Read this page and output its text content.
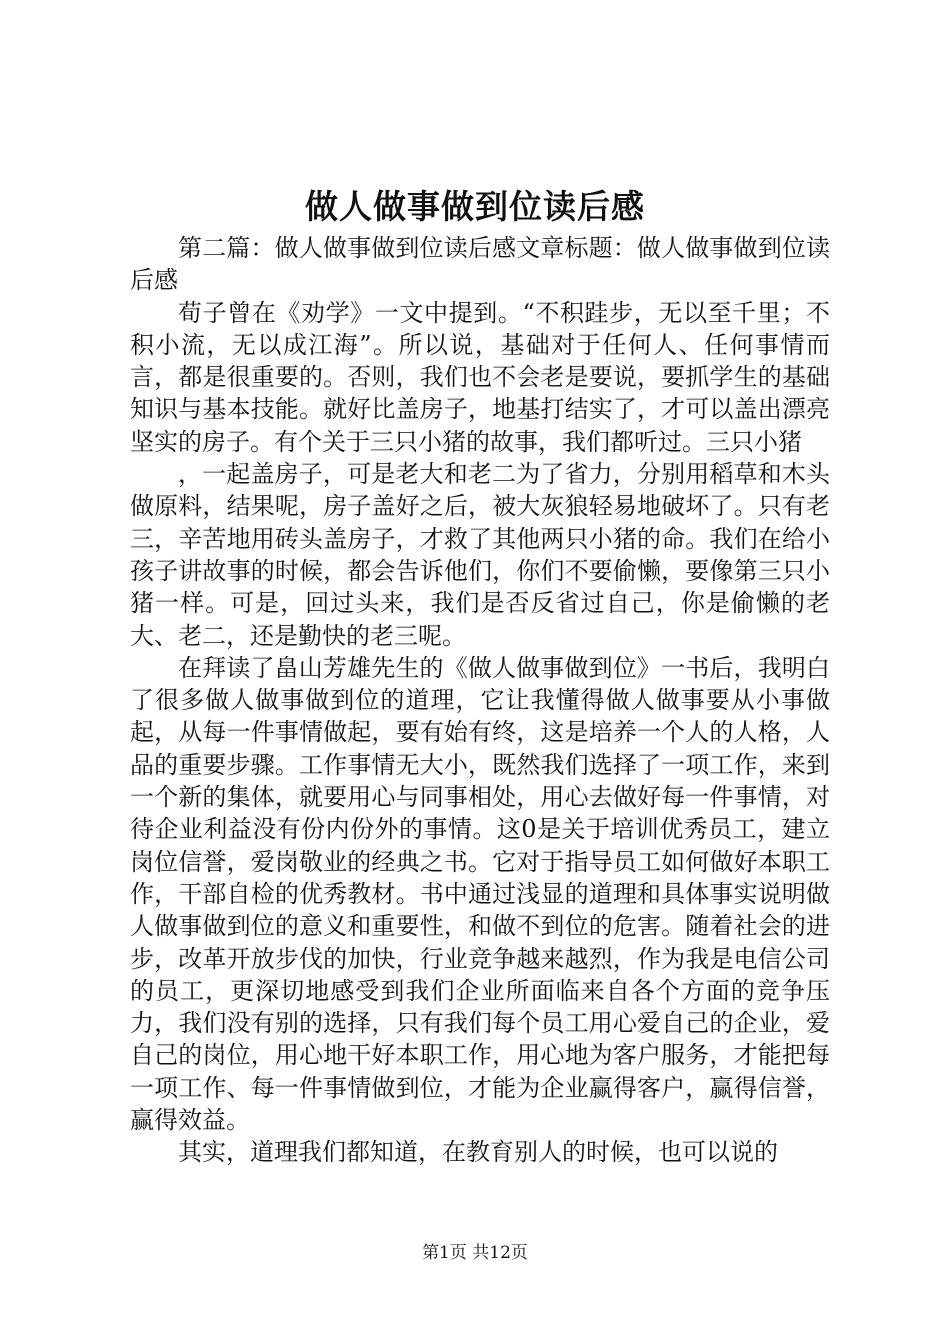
做人做事做到位读后感

第二篇：做人做事做到位读后感文章标题：做人做事做到位读后感

荀子曾在《劝学》一文中提到。“不积跬步，无以至千里；不积小流，无以成江海”。所以说，基础对于任何人、任何事情而言，都是很重要的。否则，我们也不会老是要说，要抓学生的基础知识与基本技能。就好比盖房子，地基打结实了，才可以盖出漂亮坚实的房子。有个关于三只小猪的故事，我们都听过。三只小猪

，一起盖房子，可是老大和老二为了省力，分别用稻草和木头做原料，结果呢，房子盖好之后，被大灰狼轻易地破坏了。只有老三，辛苦地用砖头盖房子，才救了其他两只小猪的命。我们在给小孩子讲故事的时候，都会告诉他们，你们不要偷懒，要像第三只小猪一样。可是，回过头来，我们是否反省过自己，你是偷懒的老大、老二，还是勤快的老三呢。

在拜读了畠山芳雄先生的《做人做事做到位》一书后，我明白了很多做人做事做到位的道理，它让我懂得做人做事要从小事做起，从每一件事情做起，要有始有终，这是培养一个人的人格，人品的重要步骤。工作事情无大小，既然我们选择了一项工作，来到一个新的集体，就要用心与同事相处，用心去做好每一件事情，对待企业利益没有份内份外的事情。这0是关于培训优秀员工，建立岗位信誉，爱岗敬业的经典之书。它对于指导员工如何做好本职工作，干部自检的优秀教材。书中通过浅显的道理和具体事实说明做人做事做到位的意义和重要性，和做不到位的危害。随着社会的进步，改革开放步伐的加快，行业竞争越来越烈，作为我是电信公司的员工，更深切地感受到我们企业所面临来自各个方面的竞争压力，我们没有别的选择，只有我们每个员工用心爱自己的企业，爱自己的岗位，用心地干好本职工作，用心地为客户服务，才能把每一项工作、每一件事情做到位，才能为企业赢得客户，赢得信誉，赢得效益。

其实，道理我们都知道，在教育别人的时候，也可以说的

第1页 共12页
